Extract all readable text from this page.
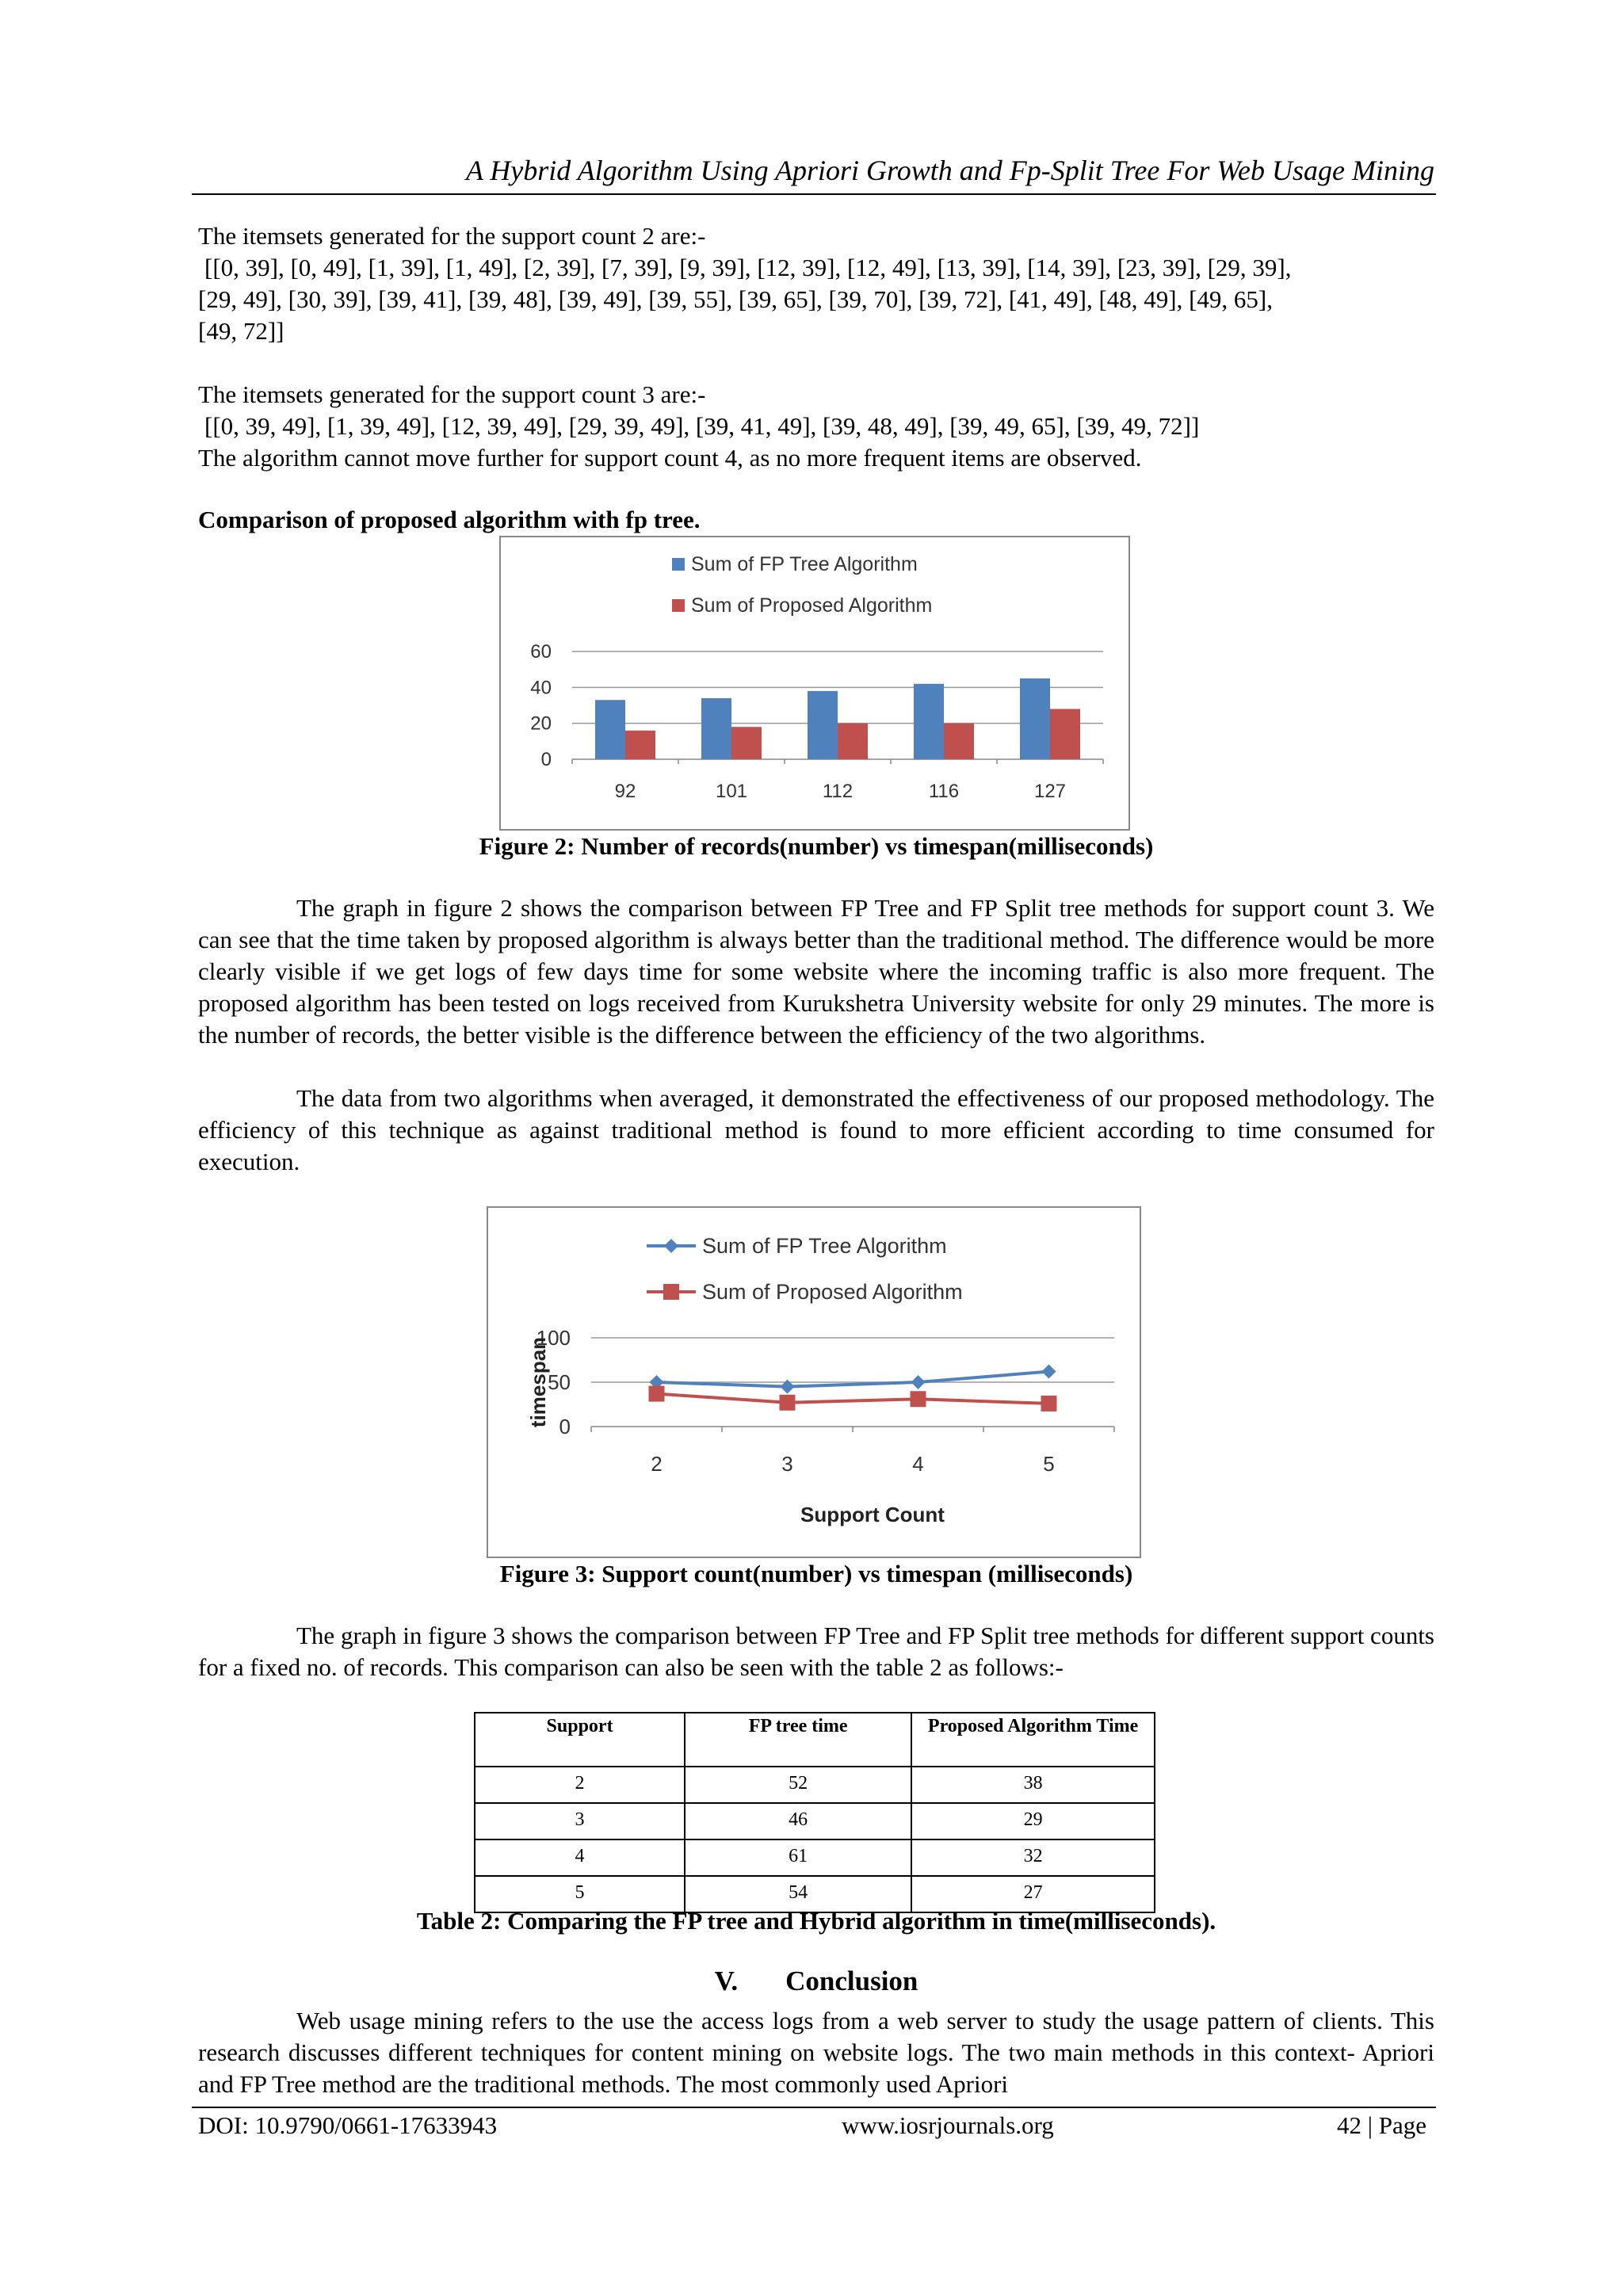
A Hybrid Algorithm Using Apriori Growth and Fp-Split Tree For Web Usage Mining
The itemsets generated for the support count 2 are:-
[[0, 39], [0, 49], [1, 39], [1, 49], [2, 39], [7, 39], [9, 39], [12, 39], [12, 49], [13, 39], [14, 39], [23, 39], [29, 39],
[29, 49], [30, 39], [39, 41], [39, 48], [39, 49], [39, 55], [39, 65], [39, 70], [39, 72], [41, 49], [48, 49], [49, 65],
[49, 72]]
The itemsets generated for the support count 3 are:-
[[0, 39, 49], [1, 39, 49], [12, 39, 49], [29, 39, 49], [39, 41, 49], [39, 48, 49], [39, 49, 65], [39, 49, 72]]
The algorithm cannot move further for support count 4, as no more frequent items are observed.
Comparison of proposed algorithm with fp tree.
0
20
40
60
92	101	112	116	127
Sum of FP Tree Algorithm
Sum of Proposed Algorithm
Figure 2: Number of records(number) vs timespan(milliseconds)
The graph in figure 2 shows the comparison between FP Tree and FP Split tree methods for support count 3. We can see that the time taken by proposed algorithm is always better than the traditional method. The difference would be more clearly visible if we get logs of few days time for some website where the incoming traffic is also more frequent. The proposed algorithm has been tested on logs received from Kurukshetra University website for only 29 minutes. The more is the number of records, the better visible is the difference between the efficiency of the two algorithms.
The data from two algorithms when averaged, it demonstrated the effectiveness of our proposed methodology. The efficiency of this technique as against traditional method is found to more efficient according to time consumed for execution.
0
50
100
2	3	4	5
Sum of FP Tree Algorithm
Sum of Proposed Algorithm
Support Count
timespan
Figure 3: Support count(number) vs timespan (milliseconds)
The graph in figure 3 shows the comparison between FP Tree and FP Split tree methods for different support counts for a fixed no. of records. This comparison can also be seen with the table 2 as follows:-
Support	FP tree time	Proposed Algorithm Time
2	52	38
3	46	29
4	61	32
5	54	27
Table 2: Comparing the FP tree and Hybrid algorithm in time(milliseconds).
V. Conclusion
Web usage mining refers to the use the access logs from a web server to study the usage pattern of clients. This research discusses different techniques for content mining on website logs. The two main methods in this context- Apriori and FP Tree method are the traditional methods. The most commonly used Apriori
DOI: 10.9790/0661-17633943	www.iosrjournals.org	42 | Page
